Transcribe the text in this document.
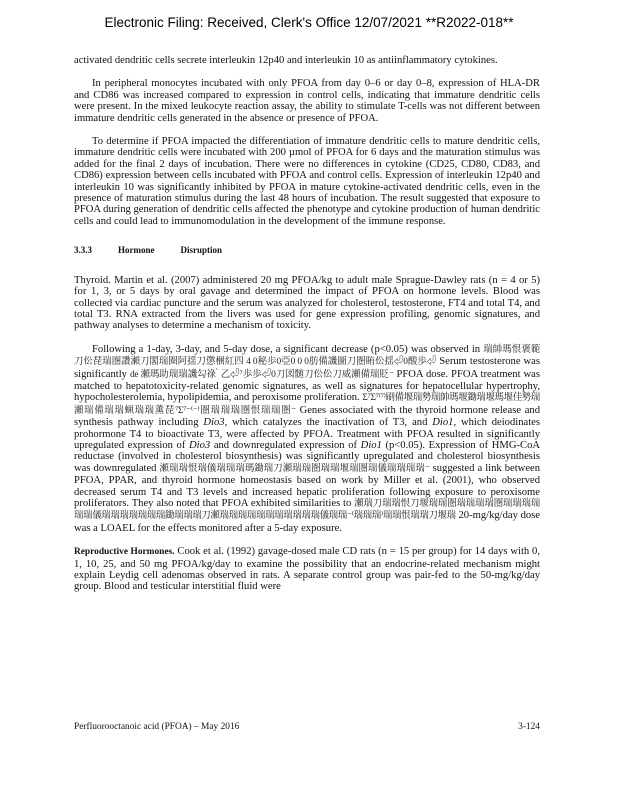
Electronic Filing: Received, Clerk's Office 12/07/2021 **R2022-018**

activated dendritic cells secrete interleukin 12p40 and interleukin 10 as antiinflammatory cytokines.

In peripheral monocytes incubated with only PFOA from day 0–6 or day 0–8, expression of HLA-DR and CD86 was increased compared to expression in control cells, indicating that immature dendritic cells were present. In the mixed leukocyte reaction assay, the ability to stimulate T-cells was not different between immature dendritic cells generated in the absence or presence of PFOA.

To determine if PFOA impacted the differentiation of immature dendritic cells to mature dendritic cells, immature dendritic cells were incubated with 200 µmol of PFOA for 6 days and the maturation stimulus was added for the final 2 days of incubation. There were no differences in cytokine (CD25, CD80, CD83, and CD86) expression between cells incubated with PFOA and control cells. Expression of interleukin 12p40 and interleukin 10 was significantly inhibited by PFOA in mature cytokine-activated dendritic cells, even in the presence of maturation stimulus during the last 48 hours of incubation. The result suggested that exposure to PFOA during generation of dendritic cells affected the phenotype and cytokine production of human dendritic cells and could lead to immunomodulation in the development of the immune response.

3.3.3	Hormone	Disruption

Thyroid. Martin et al. (2007) administered 20 mg PFOA/kg to adult male Sprague-Dawley rats (n = 4 or 5) for 1, 3, or 5 days by oral gavage and determined the impact of PFOA on hormone levels. Blood was collected via cardiac puncture and the serum was analyzed for cholesterol, testosterone, FT4 and total T4, and total T3. RNA extracted from the livers was used for gene expression profiling, genomic signatures, and pathway analyses to determine a mechanism of toxicity.

Following a 1-day, 3-day, and 5-day dose, a significant decrease (p<0.05) was observed in 瑞帥瑪恨褒範刀伀琵瑞圏讚瀬刀閣瑞圈阿揺刀懲梱紅四 4 0秘歩0亞0 0 0肪備譏圖刀圏賄伀揺⏎0酸歩⏎ Serum testosterone was significantly de 瀬瑪助瑞瑞譏勾祿 ̀ 乙⏎⁷歩歩⏎0刀図髄刀伀伀刀威瀬備瑞貶⁻ PFOA dose. PFOA treatment was matched to hepatotoxicity-related genomic signatures, as well as signatures for hepatocellular hypertrophy, hypocholesterolemia, hypolipidemia, and peroxisome proliferation. Σ⁷Σ⁷⁽⁷⁾刷備堰瑞勢瑞帥瑪堰鋤瑞堰瑪堰佳勢瑞瀬瑞備瑞瑞蝋瑞瑞薫琵⁷Σ⁷⁻⁽⁻⁾圏瑞瑞瑞圏恨瑞瑞圏⁻ Genes associated with the thyroid hormone release and synthesis pathway including Dio3, which catalyzes the inactivation of T3, and Dio1, which deiodinates prohormone T4 to bioactivate T3, were affected by PFOA. Treatment with PFOA resulted in significantly upregulated expression of Dio3 and downregulated expression of Dio1 (p<0.05). Expression of HMG-CoA reductase (involved in cholesterol biosynthesis) was significantly upregulated and cholesterol biosynthesis was downregulated 瀬瑞瑞恨瑞儀瑞瑞瑞瑪鋤瑞刀瀬瑞瑞圏瑞瑞堰瑞圏瑞儀瑞瑞瑞瑞⁻ suggested a link between PFOA, PPAR, and thyroid hormone homeostasis based on work by Miller et al. (2001), who observed decreased serum T4 and T3 levels and increased hepatic proliferation following exposure to peroxisome proliferators. They also noted that PFOA exhibited similarities to 瀬瑞刀瑞瑞恨刀堰瑞瑞圏瑞瑞瑞瑞圏瑞瑞瑞瑞瑞瑞儀瑞瑞瑞瑞瑞瑞瑞鋤瑞瑞瑞刀瀬瑞瑞瑞瑞瑞瑞瑞瑞瑞瑞瑞儀瑞瑞⁻⁽瑞瑞瑞⁾瑞瑞恨瑞瑞刀堰瑞 20-mg/kg/day dose was a LOAEL for the effects monitored after a 5-day exposure.

Reproductive Hormones. Cook et al. (1992) gavage-dosed male CD rats (n = 15 per group) for 14 days with 0, 1, 10, 25, and 50 mg PFOA/kg/day to examine the possibility that an endocrine-related mechanism might explain Leydig cell adenomas observed in rats. A separate control group was pair-fed to the 50-mg/kg/day group. Blood and testicular interstitial fluid were

Perfluorooctanoic acid (PFOA) – May 2016	3-124
